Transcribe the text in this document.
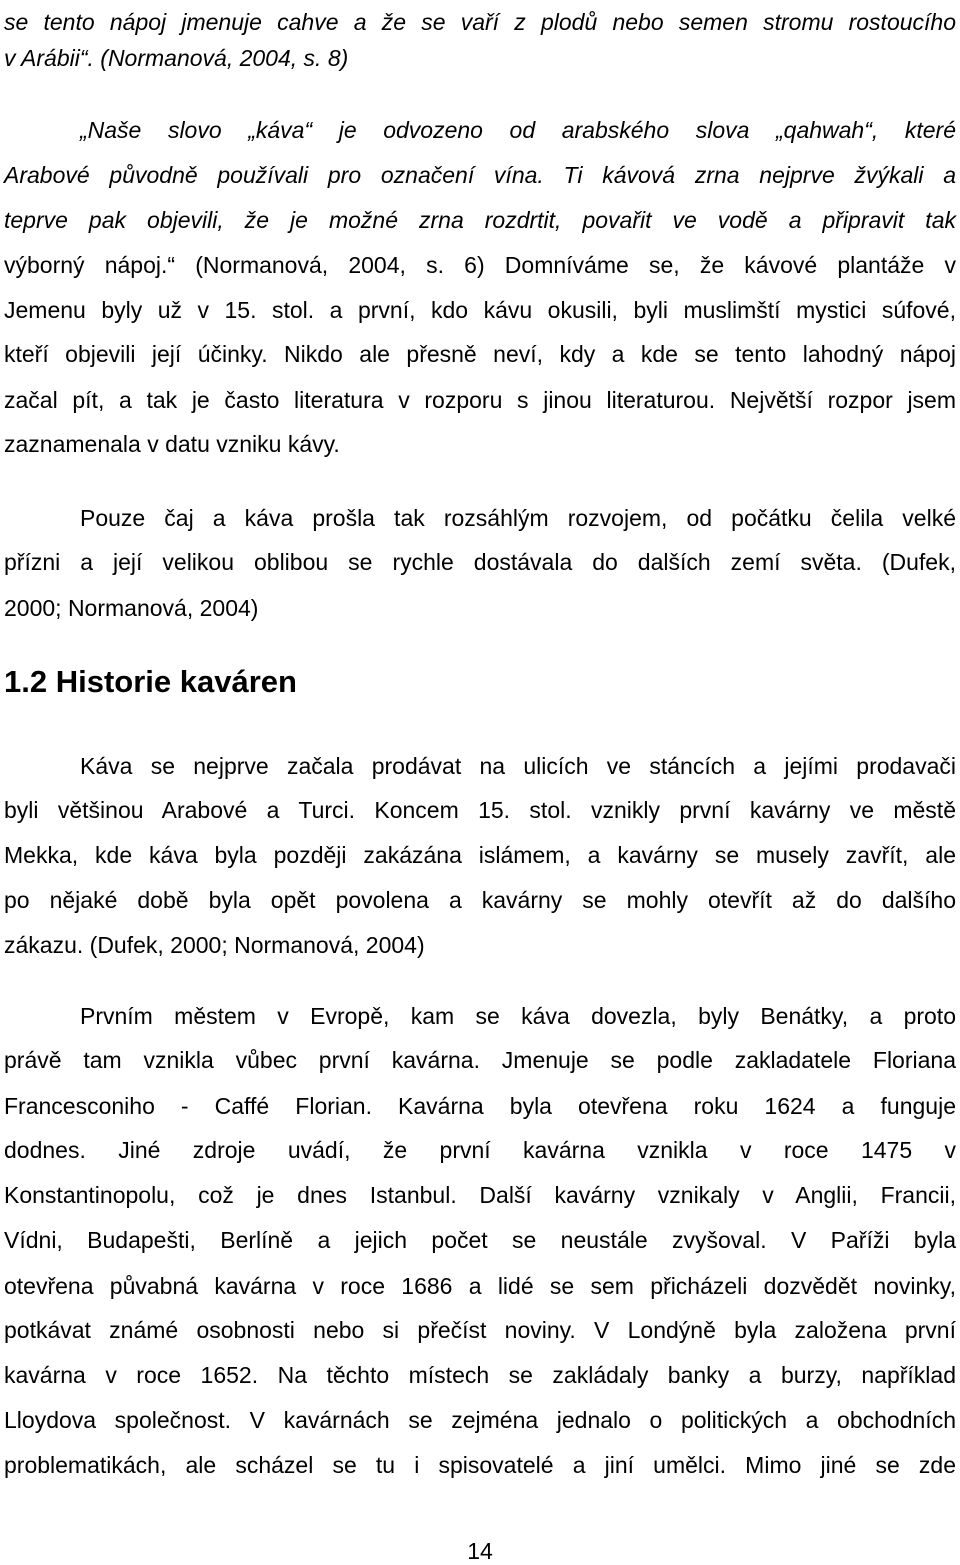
se tento nápoj jmenuje cahve a že se vaří z plodů nebo semen stromu rostoucího
v Arábii“. (Normanová, 2004, s. 8)
„Naše slovo „káva“ je odvozeno od arabského slova „qahwah“, které
Arabové původně používali pro označení vína. Ti kávová zrna nejprve žvýkali a
teprve pak objevili, že je možné zrna rozdrtit, povařit ve vodě a připravit tak
výborný nápoj.“ (Normanová, 2004, s. 6) Domníváme se, že kávové plantáže v
Jemenu byly už v 15. stol. a první, kdo kávu okusili, byli muslimští mystici súfové,
kteří objevili její účinky. Nikdo ale přesně neví, kdy a kde se tento lahodný nápoj
začal pít, a tak je často literatura v rozporu s jinou literaturou. Největší rozpor jsem
zaznamenala v datu vzniku kávy.
Pouze čaj a káva prošla tak rozsáhlým rozvojem, od počátku čelila velké
přízni a její velikou oblibou se rychle dostávala do dalších zemí světa. (Dufek,
2000; Normanová, 2004)
1.2 Historie kaváren
Káva se nejprve začala prodávat na ulicích ve stáncích a jejími prodavači
byli většinou Arabové a Turci. Koncem 15. stol. vznikly první kavárny ve městě
Mekka, kde káva byla později zakázána islámem, a kavárny se musely zavřít, ale
po nějaké době byla opět povolena a kavárny se mohly otevřít až do dalšího
zákazu. (Dufek, 2000; Normanová, 2004)
Prvním městem v Evropě, kam se káva dovezla, byly Benátky, a proto
právě tam vznikla vůbec první kavárna. Jmenuje se podle zakladatele Floriana
Francesconiho - Caffé Florian. Kavárna byla otevřena roku 1624 a funguje
dodnes. Jiné zdroje uvádí, že první kavárna vznikla v roce 1475 v
Konstantinopolu, což je dnes Istanbul. Další kavárny vznikaly v Anglii, Francii,
Vídni, Budapešti, Berlíně a jejich počet se neustále zvyšoval. V Paříži byla
otevřena půvabná kavárna v roce 1686 a lidé se sem přicházeli dozvědět novinky,
potkávat známé osobnosti nebo si přečíst noviny. V Londýně byla založena první
kavárna v roce 1652. Na těchto místech se zakládaly banky a burzy, například
Lloydova společnost. V kavárnách se zejména jednalo o politických a obchodních
problematikách, ale scházel se tu i spisovatelé a jiní umělci. Mimo jiné se zde
14
